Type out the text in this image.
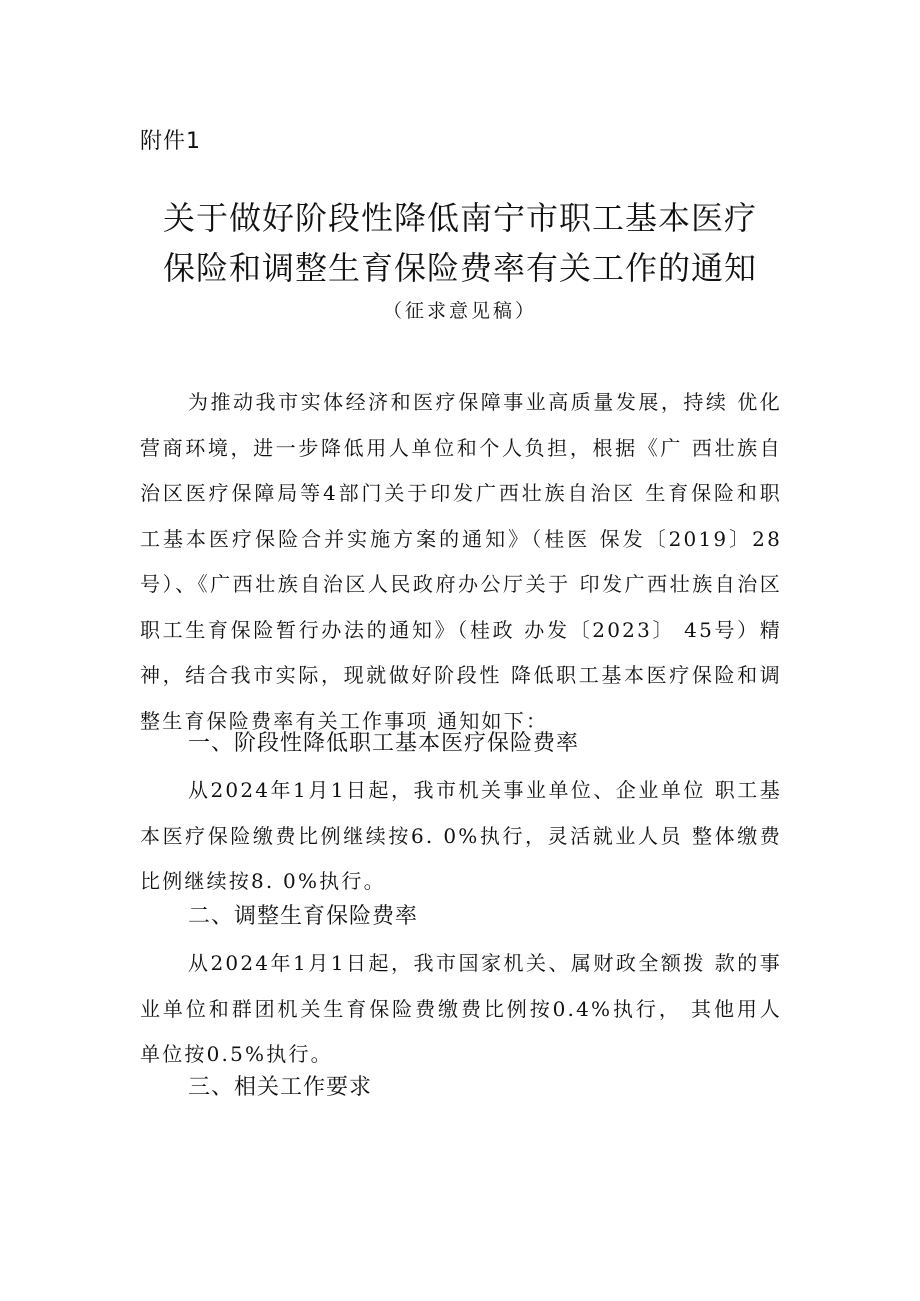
附件1
关于做好阶段性降低南宁市职工基本医疗
保险和调整生育保险费率有关工作的通知
（征求意见稿）

为推动我市实体经济和医疗保障事业高质量发展，持续 优化营商环境，进一步降低用人单位和个人负担，根据《广 西壮族自治区医疗保障局等4部门关于印发广西壮族自治区 生育保险和职工基本医疗保险合并实施方案的通知》（桂医 保发〔2019〕28号）、《广西壮族自治区人民政府办公厅关于 印发广西壮族自治区职工生育保险暂行办法的通知》（桂政 办发〔2023〕 45号）精神，结合我市实际，现就做好阶段性 降低职工基本医疗保险和调整生育保险费率有关工作事项 通知如下：

一、阶段性降低职工基本医疗保险费率

从2024年1月1日起，我市机关事业单位、企业单位 职工基本医疗保险缴费比例继续按6. 0%执行，灵活就业人员 整体缴费比例继续按8. 0%执行。

二、调整生育保险费率

从2024年1月1日起，我市国家机关、属财政全额拨 款的事业单位和群团机关生育保险费缴费比例按0.4%执行， 其他用人单位按0.5%执行。

三、相关工作要求
